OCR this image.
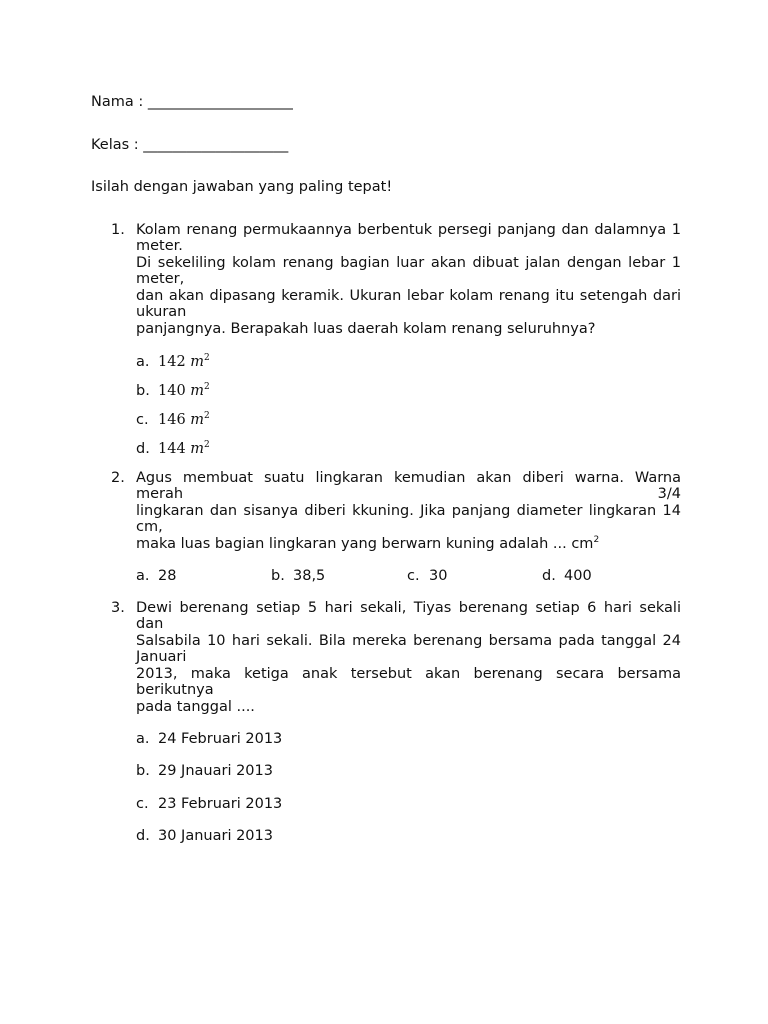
Nama : ____________________
Kelas : ____________________
Isilah dengan jawaban yang paling tepat!
1. Kolam renang permukaannya berbentuk persegi panjang dan dalamnya 1 meter.
Di sekeliling kolam renang bagian luar akan dibuat jalan dengan lebar 1 meter,
dan akan dipasang keramik. Ukuran lebar kolam renang itu setengah dari ukuran
panjangnya. Berapakah luas daerah kolam renang seluruhnya?
a. 142 $m^2$
b. 140 $m^2$
c. 146 $m^2$
d. 144 $m^2$
2. Agus membuat suatu lingkaran kemudian akan diberi warna. Warna merah 3/4
lingkaran dan sisanya diberi kkuning. Jika panjang diameter lingkaran 14 cm,
maka luas bagian lingkaran yang berwarn kuning adalah ... $cm^2$
a. 28	b. 38,5	c. 30	d. 400
3. Dewi berenang setiap 5 hari sekali, Tiyas berenang setiap 6 hari sekali dan
Salsabila 10 hari sekali. Bila mereka berenang bersama pada tanggal 24 Januari
2013, maka ketiga anak tersebut akan berenang secara bersama berikutnya
pada tanggal ....
a. 24 Februari 2013
b. 29 Jnauari 2013
c. 23 Februari 2013
d. 30 Januari 2013
